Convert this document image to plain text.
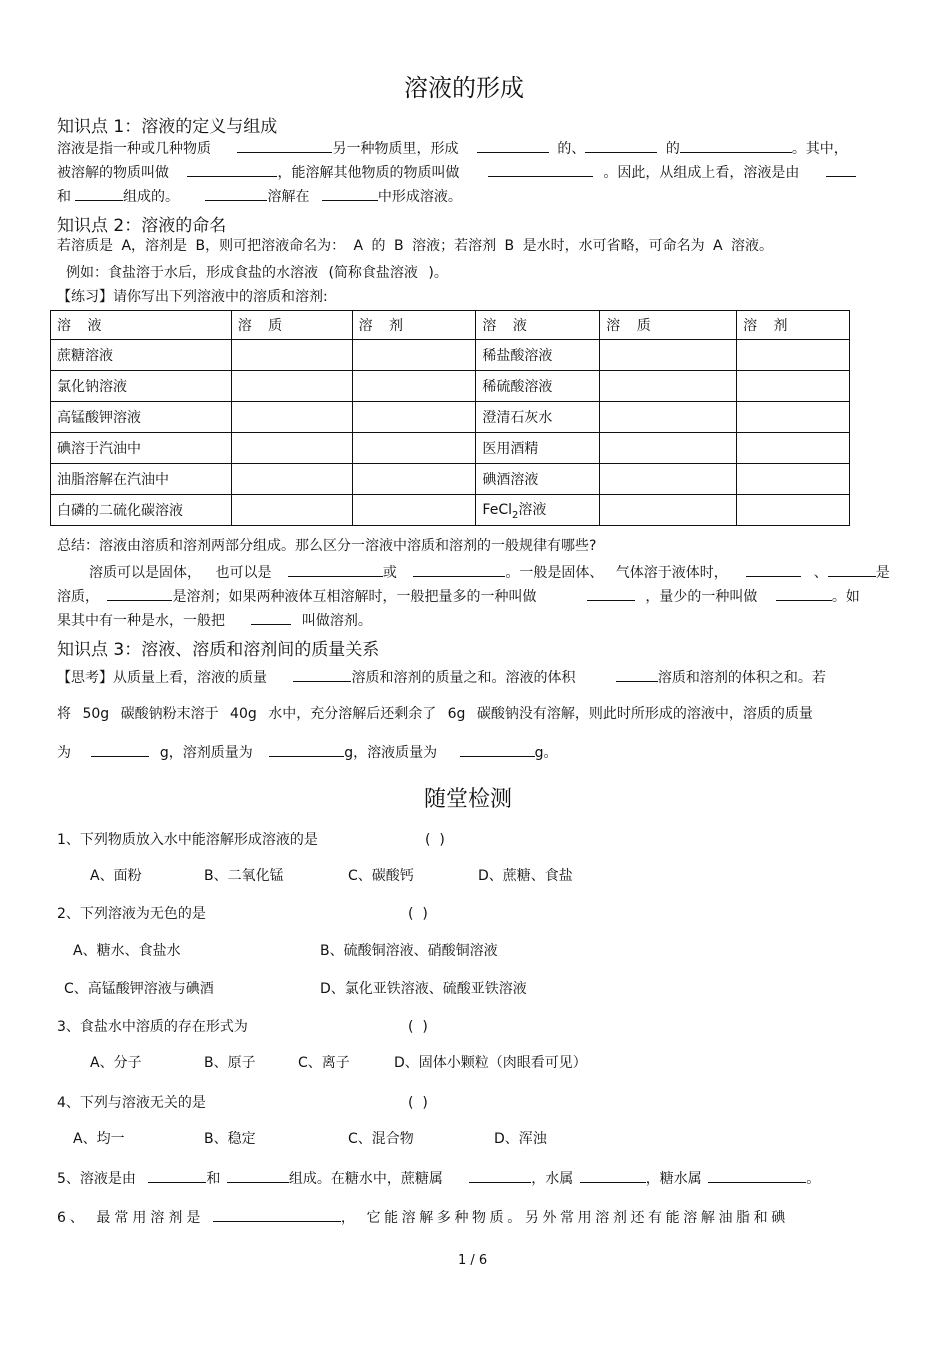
溶液的形成
知识点 1：溶液的定义与组成
溶液是指一种或几种物质	另一种物质里，形成	的、	的	。其中，
被溶解的物质叫做	，能溶解其他物质的物质叫做	。因此，从组成上看，溶液是由
和	组成的。	溶解在	中形成溶液。
知识点 2：溶液的命名
若溶质是 A，溶剂是 B，则可把溶液命名为： A 的 B 溶液；若溶剂 B 是水时，水可省略，可命名为 A 溶液。
例如：食盐溶于水后，形成食盐的水溶液 (简称食盐溶液 )。
【练习】请你写出下列溶液中的溶质和溶剂:
溶 液	溶 质	溶 剂	溶 液	溶 质	溶 剂
蔗糖溶液			稀盐酸溶液		
氯化钠溶液			稀硫酸溶液		
高锰酸钾溶液			澄清石灰水		
碘溶于汽油中			医用酒精		
油脂溶解在汽油中			碘酒溶液		
白磷的二硫化碳溶液			FeCl$_2$溶液		
总结：溶液由溶质和溶剂两部分组成。那么区分一溶液中溶质和溶剂的一般规律有哪些?
溶质可以是固体， 也可以是	或	。一般是固体、 气体溶于液体时，	、	是
溶质，	是溶剂；如果两种液体互相溶解时，一般把量多的一种叫做	，量少的一种叫做	。如
果其中有一种是水，一般把	叫做溶剂。
知识点 3：溶液、溶质和溶剂间的质量关系
【思考】从质量上看，溶液的质量	溶质和溶剂的质量之和。溶液的体积	溶质和溶剂的体积之和。若
将 50g 碳酸钠粉末溶于 40g 水中，充分溶解后还剩余了 6g 碳酸钠没有溶解，则此时所形成的溶液中，溶质的质量
为	g，溶剂质量为	g，溶液质量为	g。
随堂检测
1、下列物质放入水中能溶解形成溶液的是	(  )
A、面粉	B、二氧化锰	C、碳酸钙	D、蔗糖、食盐
2、下列溶液为无色的是	(  )
A、糖水、食盐水	B、硫酸铜溶液、硝酸铜溶液
C、高锰酸钾溶液与碘酒	D、氯化亚铁溶液、硫酸亚铁溶液
3、食盐水中溶质的存在形式为	(  )
A、分子	B、原子	C、离子	D、固体小颗粒（肉眼看可见）
4、下列与溶液无关的是	(  )
A、均一	B、稳定	C、混合物	D、浑浊
5、溶液是由	和	组成。在糖水中，蔗糖属	，水属	，糖水属	。
6、 最常用溶剂是	， 它能溶解多种物质。另外常用溶剂还有能溶解油脂和碘
1 / 6
